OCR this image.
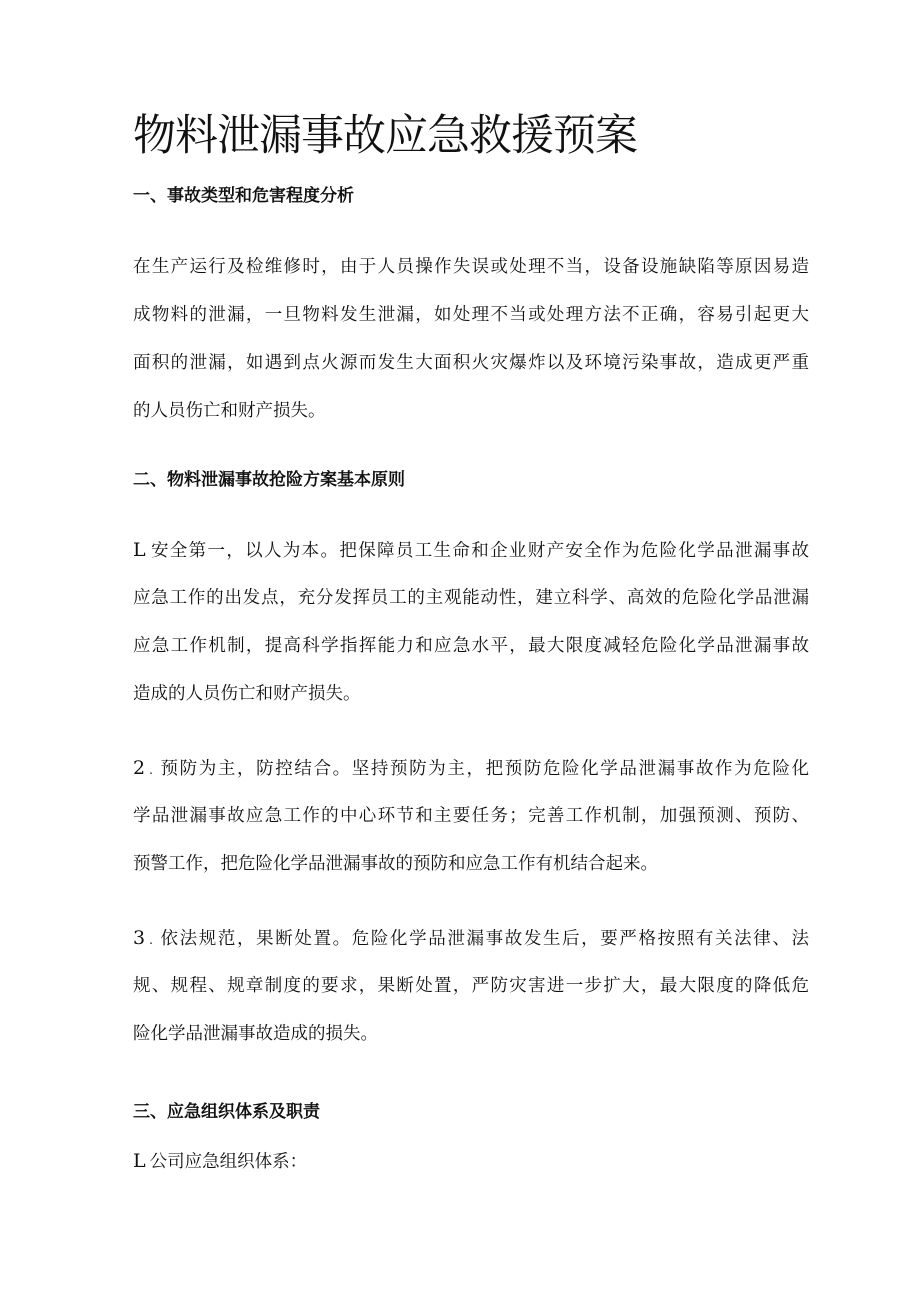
物料泄漏事故应急救援预案
一、事故类型和危害程度分析
在生产运行及检维修时，由于人员操作失误或处理不当，设备设施缺陷等原因易造
成物料的泄漏，一旦物料发生泄漏，如处理不当或处理方法不正确，容易引起更大
面积的泄漏，如遇到点火源而发生大面积火灾爆炸以及环境污染事故，造成更严重
的人员伤亡和财产损失。
二、物料泄漏事故抢险方案基本原则
L 安全第一，以人为本。把保障员工生命和企业财产安全作为危险化学品泄漏事故
应急工作的出发点，充分发挥员工的主观能动性，建立科学、高效的危险化学品泄漏
应急工作机制，提高科学指挥能力和应急水平，最大限度减轻危险化学品泄漏事故
造成的人员伤亡和财产损失。
2 . 预防为主，防控结合。坚持预防为主，把预防危险化学品泄漏事故作为危险化
学品泄漏事故应急工作的中心环节和主要任务；完善工作机制，加强预测、预防、
预警工作，把危险化学品泄漏事故的预防和应急工作有机结合起来。
3 . 依法规范，果断处置。危险化学品泄漏事故发生后，要严格按照有关法律、法
规、规程、规章制度的要求，果断处置，严防灾害进一步扩大，最大限度的降低危
险化学品泄漏事故造成的损失。
三、应急组织体系及职责
L 公司应急组织体系：
